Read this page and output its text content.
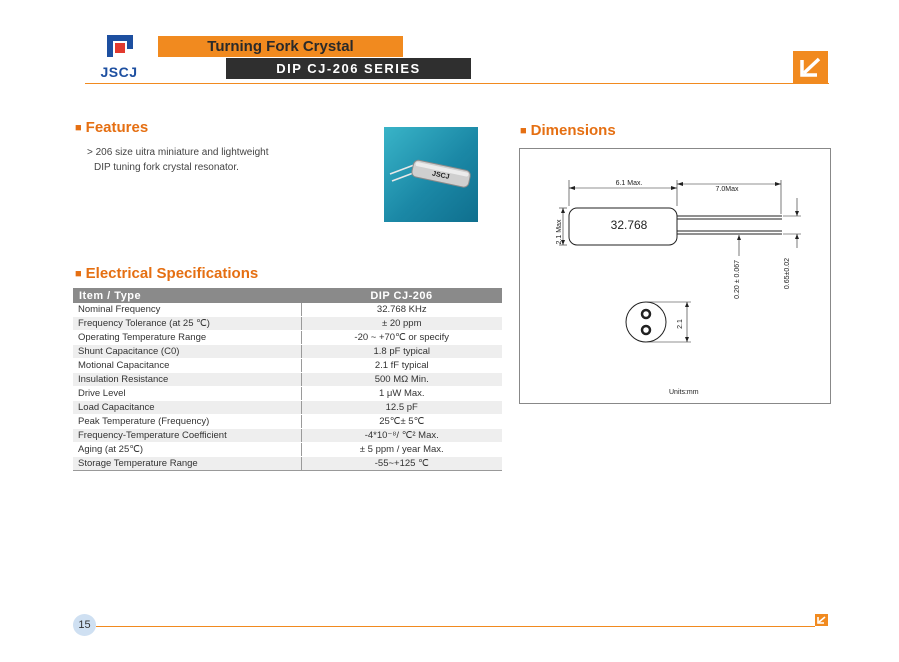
JSCJ
Turning Fork Crystal
DIP CJ-206 SERIES
■ Features
> 206 size uitra miniature and lightweight
DIP tuning fork crystal resonator.
JSCJ
■ Electrical Specifications
Item / Type	DIP CJ-206
Nominal Frequency	32.768 KHz
Frequency Tolerance (at 25 ℃)	± 20 ppm
Operating Temperature Range	-20 ~ +70℃ or specify
Shunt Capacitance (C0)	1.8 pF typical
Motional Capacitance	2.1 fF typical
Insulation Resistance	500 MΩ Min.
Drive Level	1 μW Max.
Load Capacitance	12.5 pF
Peak Temperature (Frequency)	25℃± 5℃
Frequency-Temperature Coefficient	-4*10⁻⁸/ ℃² Max.
Aging (at 25℃)	± 5 ppm / year Max.
Storage Temperature Range	-55~+125 ℃
■ Dimensions
32.768
6.1 Max.
7.0Max
2.1 Max
0.20 ± 0.067	0.65±0.02
2.1
Units:mm
15
